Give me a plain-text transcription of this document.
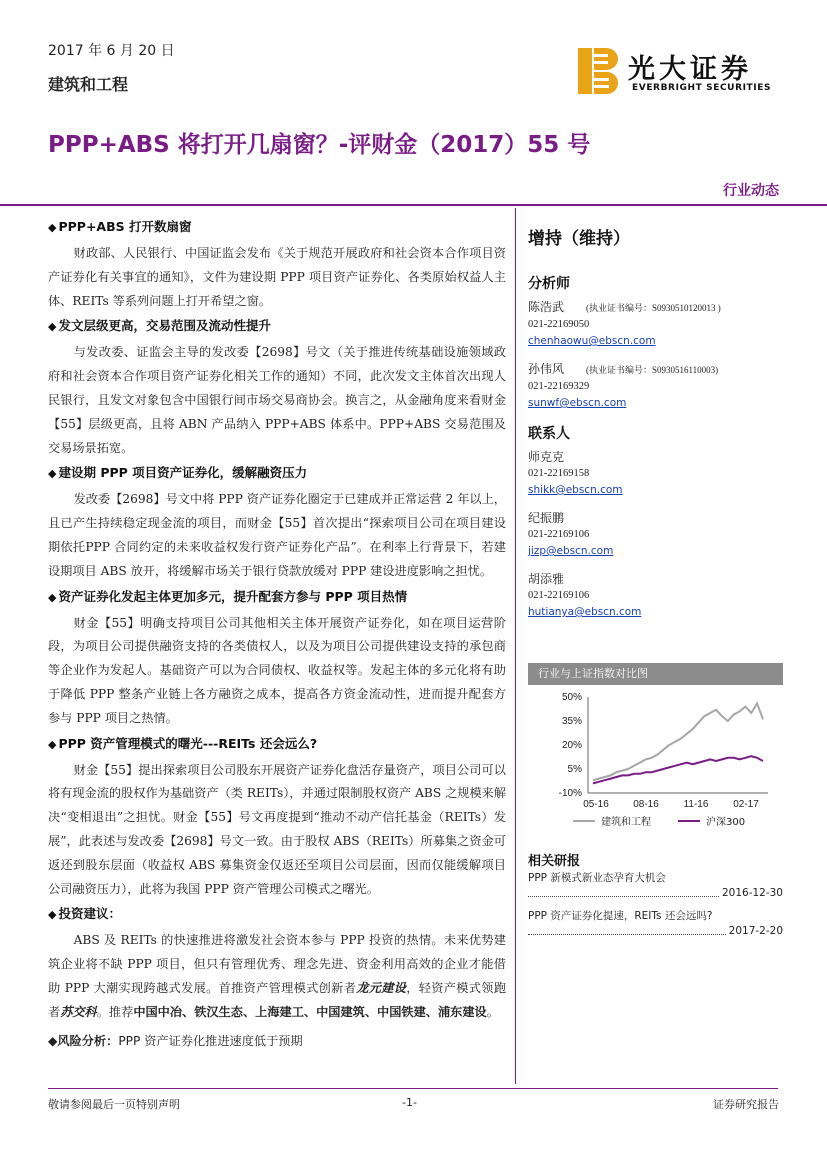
2017 年 6 月 20 日
建筑和工程	光大证券
EVERBRIGHT SECURITIES
PPP+ABS 将打开几扇窗？-评财金（2017）55 号
行业动态
◆ PPP+ABS 打开数扇窗

财政部、人民银行、中国证监会发布《关于规范开展政府和社会资本合作项目资产证券化有关事宜的通知》，文件为建设期 PPP 项目资产证券化、各类原始权益人主体、REITs 等系列问题上打开希望之窗。

◆ 发文层级更高，交易范围及流动性提升

与发改委、证监会主导的发改委【2698】号文（关于推进传统基础设施领域政府和社会资本合作项目资产证券化相关工作的通知）不同，此次发文主体首次出现人民银行，且发文对象包含中国银行间市场交易商协会。换言之，从金融角度来看财金【55】层级更高，且将 ABN 产品纳入 PPP+ABS 体系中。PPP+ABS 交易范围及交易场景拓宽。

◆ 建设期 PPP 项目资产证券化，缓解融资压力

发改委【2698】号文中将 PPP 资产证券化圈定于已建成并正常运营 2 年以上，且已产生持续稳定现金流的项目，而财金【55】首次提出“探索项目公司在项目建设期依托PPP 合同约定的未来收益权发行资产证券化产品”。在利率上行背景下，若建设期项目 ABS 放开，将缓解市场关于银行贷款放缓对 PPP 建设进度影响之担忧。

◆ 资产证券化发起主体更加多元，提升配套方参与 PPP 项目热情

财金【55】明确支持项目公司其他相关主体开展资产证券化，如在项目运营阶段，为项目公司提供融资支持的各类债权人，以及为项目公司提供建设支持的承包商等企业作为发起人。基础资产可以为合同债权、收益权等。发起主体的多元化将有助于降低 PPP 整条产业链上各方融资之成本，提高各方资金流动性，进而提升配套方参与 PPP 项目之热情。

◆ PPP 资产管理模式的曙光---REITs 还会远么?

财金【55】提出探索项目公司股东开展资产证券化盘活存量资产，项目公司可以将有现金流的股权作为基础资产（类 REITs），并通过限制股权资产 ABS 之规模来解决“变相退出”之担忧。财金【55】号文再度提到“推动不动产信托基金（REITs）发展”，此表述与发改委【2698】号文一致。由于股权 ABS（REITs）所募集之资金可返还到股东层面（收益权 ABS 募集资金仅返还至项目公司层面，因而仅能缓解项目公司融资压力），此将为我国 PPP 资产管理公司模式之曙光。

◆ 投资建议：

ABS 及 REITs 的快速推进将激发社会资本参与 PPP 投资的热情。未来优势建筑企业将不缺 PPP 项目，但只有管理优秀、理念先进、资金利用高效的企业才能借助 PPP 大潮实现跨越式发展。首推资产管理模式创新者龙元建设，轻资产模式领跑者苏交科。推荐中国中冶、铁汉生态、上海建工、中国建筑、中国铁建、浦东建设。

◆风险分析：PPP 资产证券化推进速度低于预期
增持（维持）
分析师
陈浩武 (执业证书编号：S0930510120013 )
021-22169050
chenhaowu@ebscn.com
孙伟风 (执业证书编号：S0930516110003)
021-22169329
sunwf@ebscn.com
联系人
师克克
021-22169158
shikk@ebscn.com
纪振鹏
021-22169106
jizp@ebscn.com
胡添雅
021-22169106
hutianya@ebscn.com
行业与上证指数对比图
50%
35%
20%
5%
-10%
05-16 08-16 11-16 02-17
建筑和工程	沪深300
相关研报
PPP 新模式新业态孕育大机会
2016-12-30
PPP 资产证券化提速，REITs 还会远吗?
2017-2-20
敬请参阅最后一页特别声明	-1-	证券研究报告
